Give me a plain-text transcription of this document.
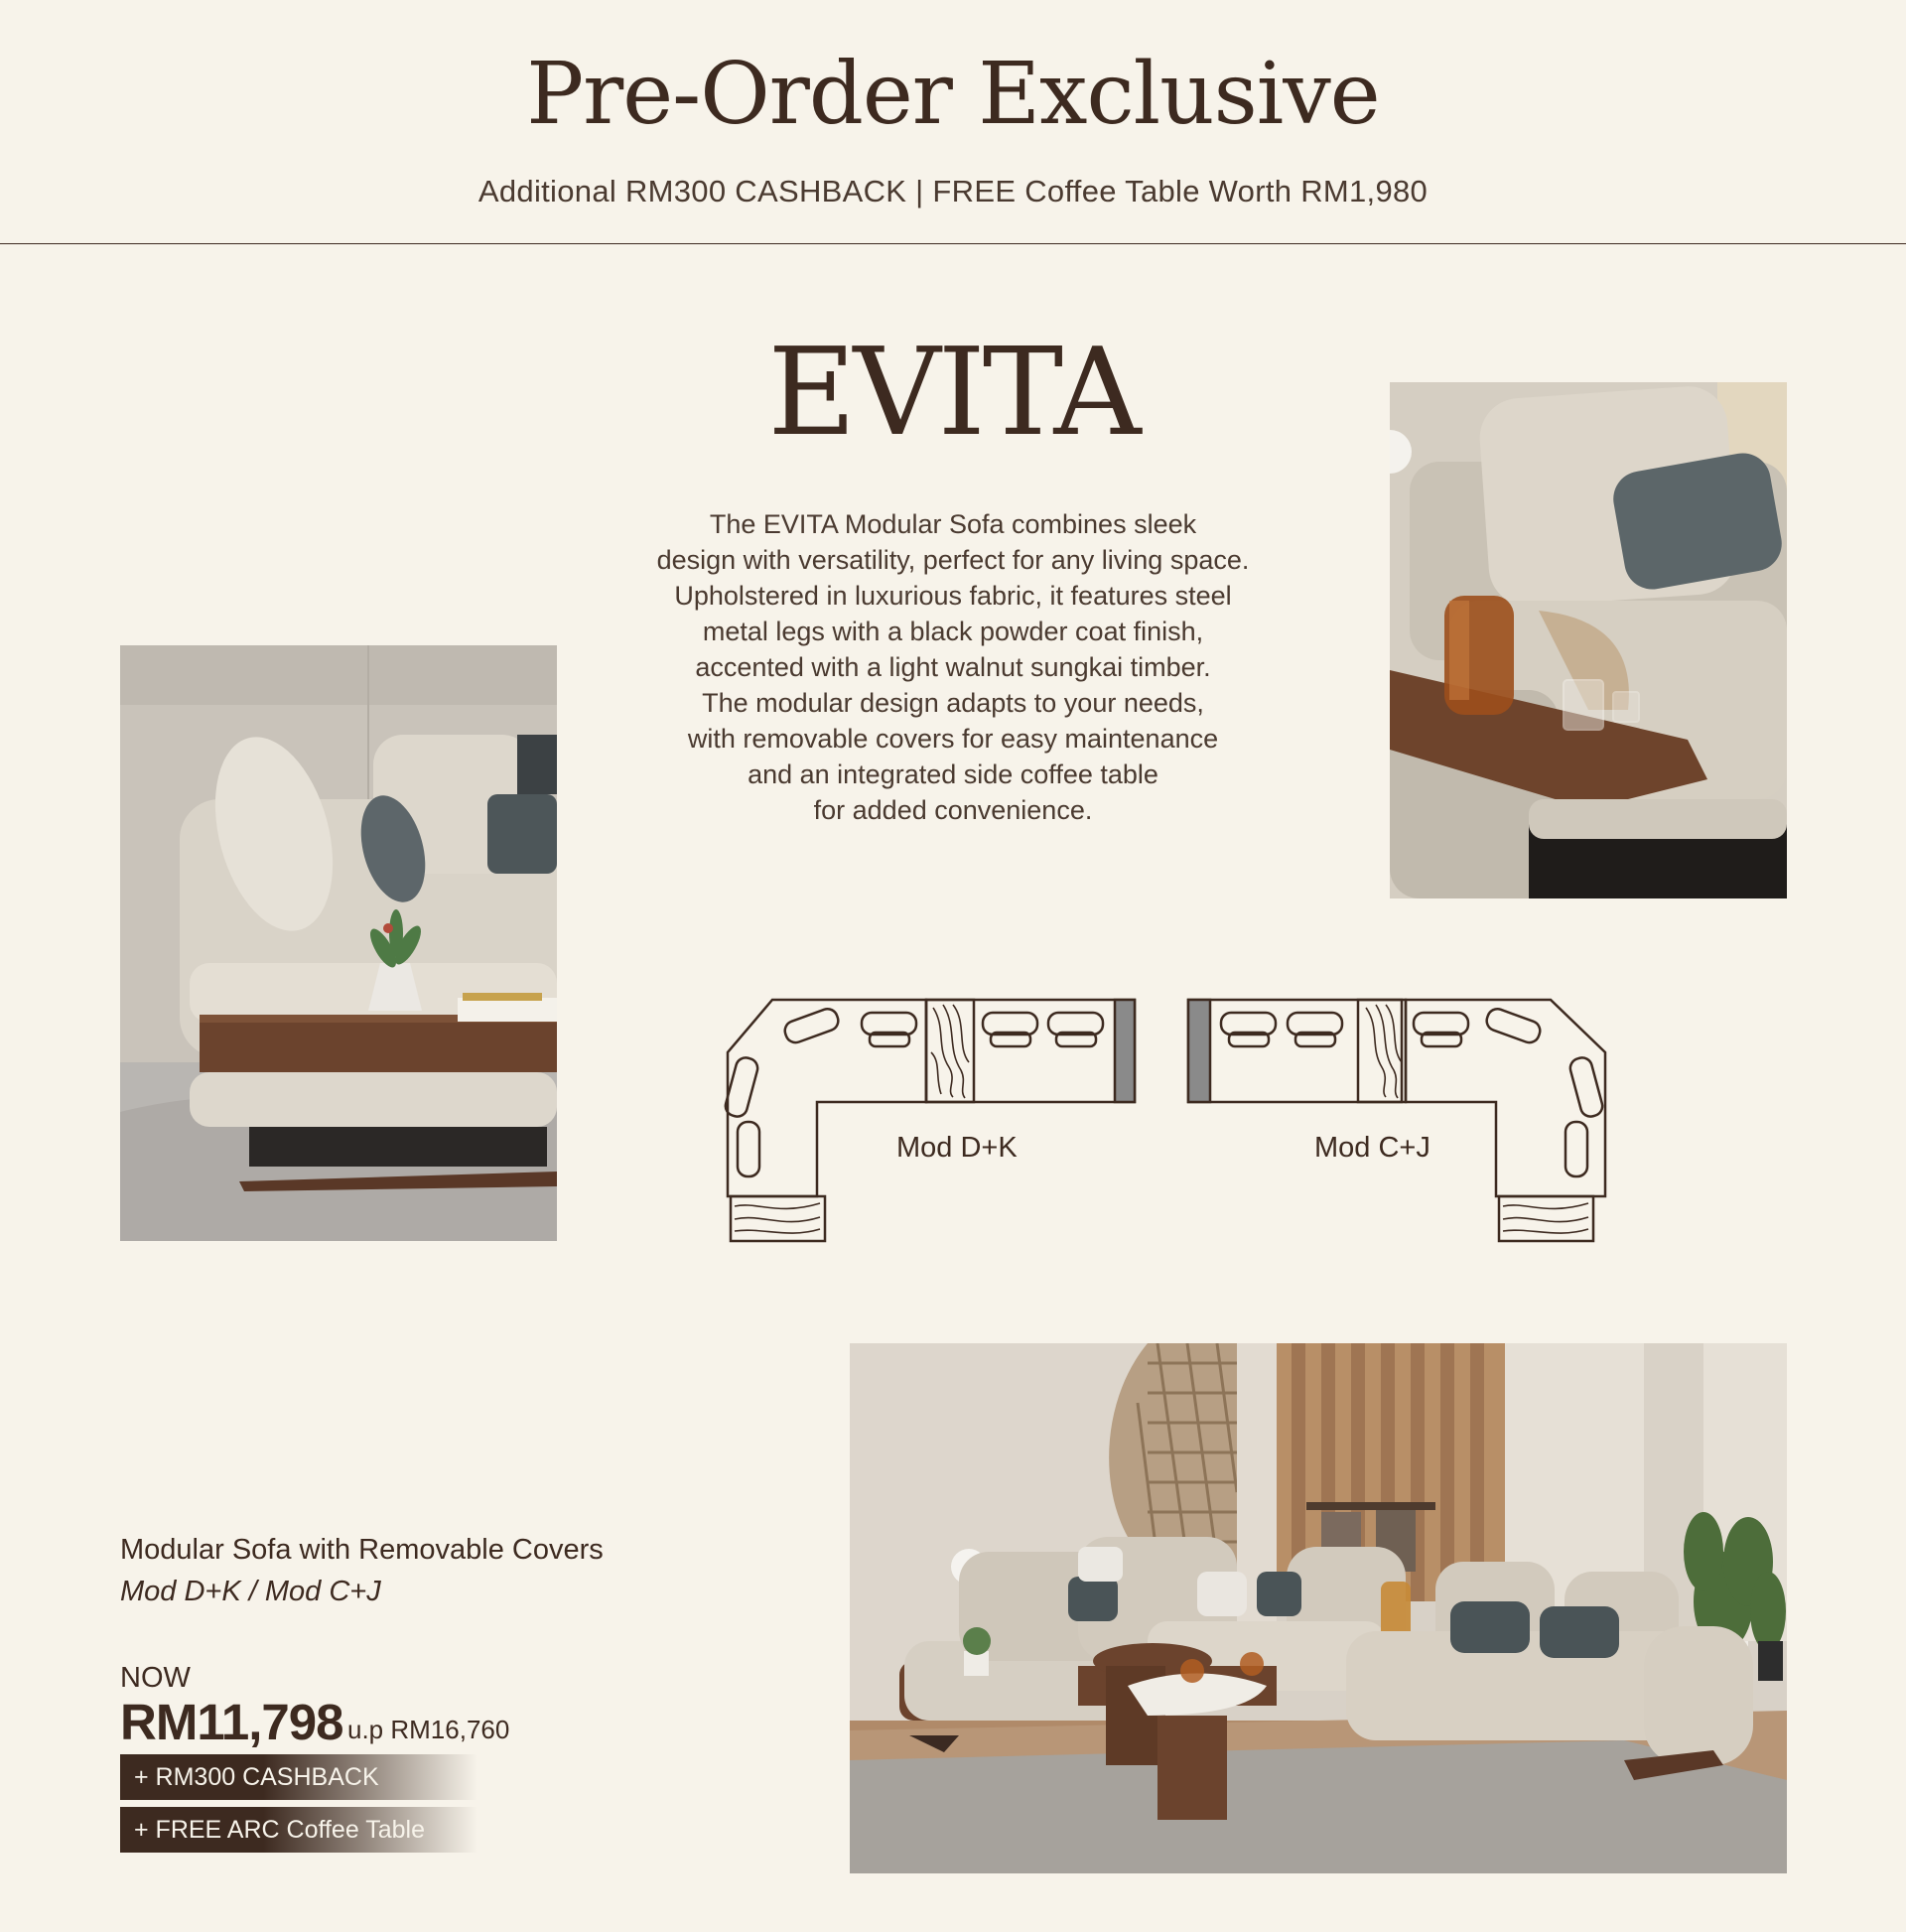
Pre-Order Exclusive
Additional RM300 CASHBACK | FREE Coffee Table Worth RM1,980
EVITA
The EVITA Modular Sofa combines sleek
design with versatility, perfect for any living space.
Upholstered in luxurious fabric, it features steel
metal legs with a black powder coat finish,
accented with a light walnut sungkai timber.
The modular design adapts to your needs,
with removable covers for easy maintenance
and an integrated side coffee table
for added convenience.
Mod D+K	Mod C+J
Modular Sofa with Removable Covers
Mod D+K / Mod C+J
NOW
RM11,798 u.p RM16,760
+ RM300 CASHBACK
+ FREE ARC Coffee Table
